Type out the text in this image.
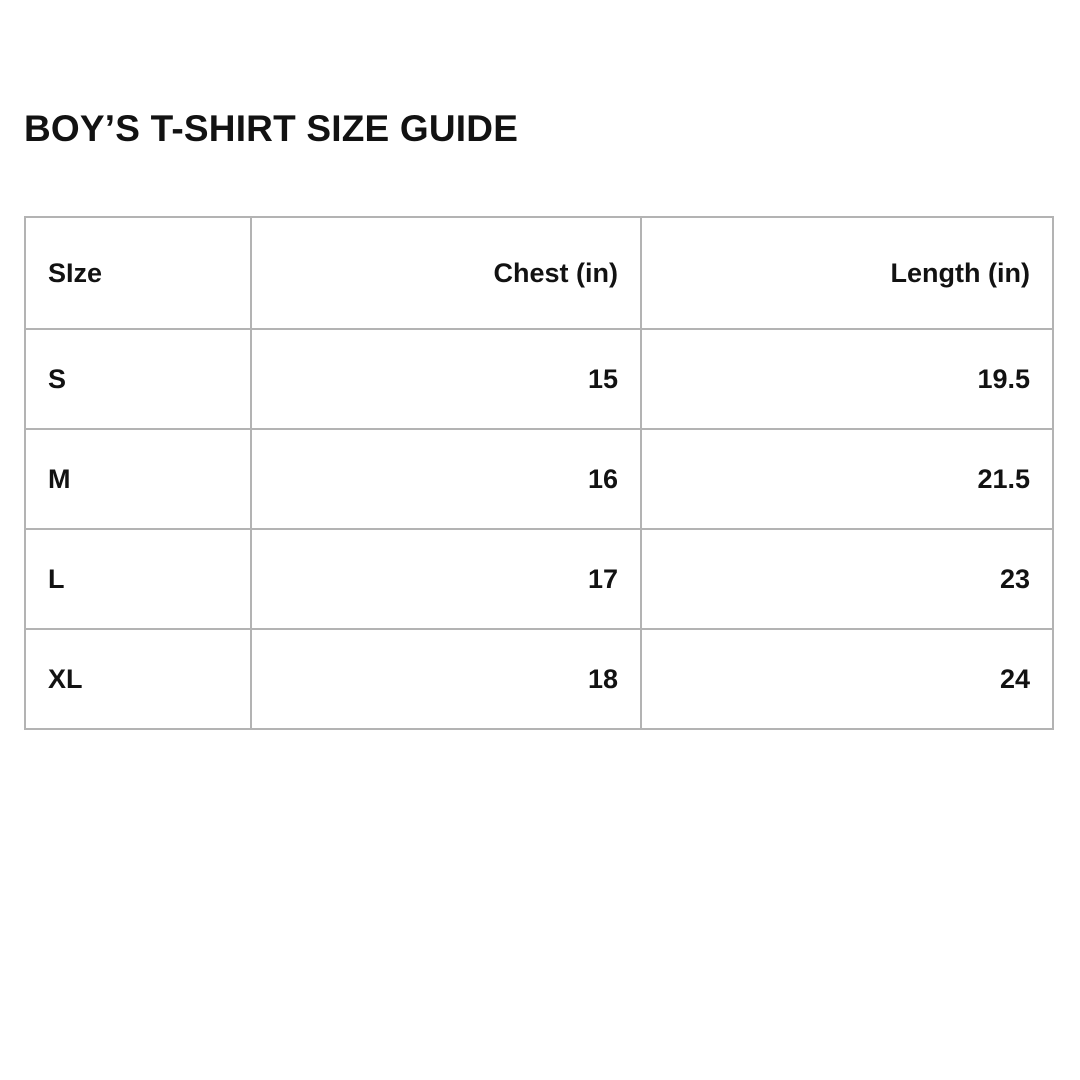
BOY’S T-SHIRT SIZE GUIDE
SIze	Chest (in)	Length (in)
S	15	19.5
M	16	21.5
L	17	23
XL	18	24
